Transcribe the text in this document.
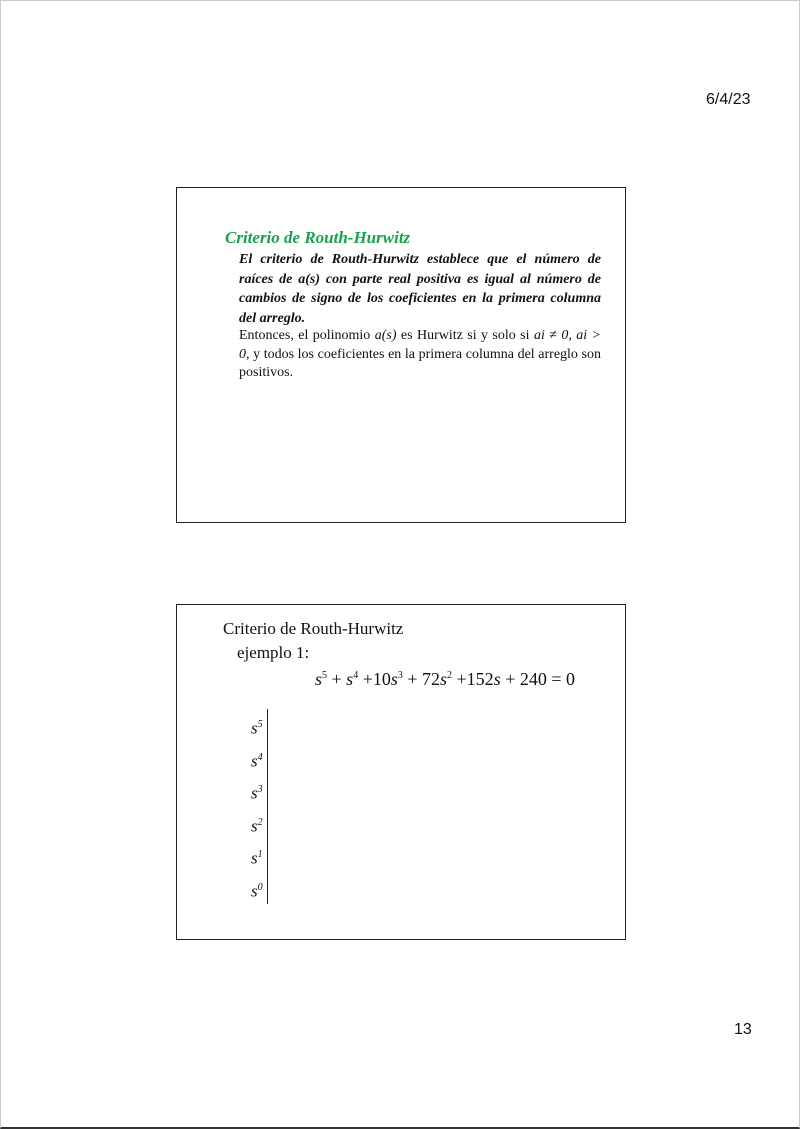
6/4/23
13
Criterio de Routh-Hurwitz
El criterio de Routh-Hurwitz establece que el número de raíces de a(s) con parte real positiva es igual al número de cambios de signo de los coeficientes en la primera columna del arreglo.
Entonces, el polinomio a(s) es Hurwitz si y solo si ai ≠ 0, ai > 0, y todos los coeficientes en la primera columna del arreglo son positivos.
Criterio de Routh-Hurwitz
ejemplo 1:
$s^5 + s^4 +10s^3 + 72s^2 +152s + 240 = 0$
$s^5$
$s^4$
$s^3$
$s^2$
$s^1$
$s^0$
